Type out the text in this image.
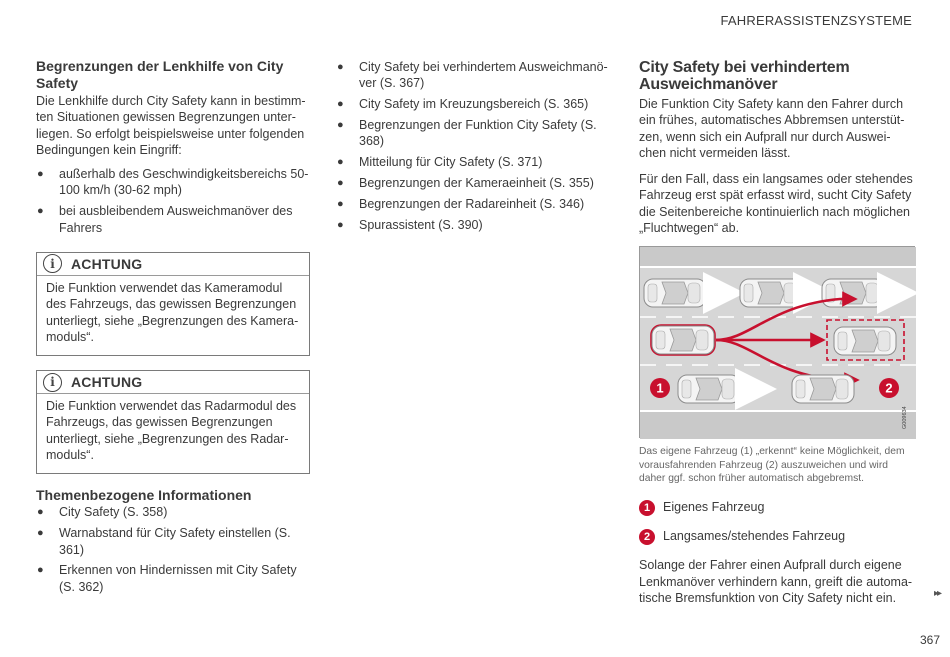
FAHRERASSISTENZSYSTEME
Begrenzungen der Lenkhilfe von City Safety

Die Lenkhilfe durch City Safety kann in bestimm-ten Situationen gewissen Begrenzungen unter-liegen. So erfolgt beispielsweise unter folgenden Bedingungen kein Eingriff:

● außerhalb des Geschwindigkeitsbereichs 50-100 km/h (30-62 mph)
● bei ausbleibendem Ausweichmanöver des Fahrers
i	ACHTUNG
Die Funktion verwendet das Kameramodul des Fahrzeugs, das gewissen Begrenzungen unterliegt, siehe „Begrenzungen des Kamera-moduls“.
i	ACHTUNG
Die Funktion verwendet das Radarmodul des Fahrzeugs, das gewissen Begrenzungen unterliegt, siehe „Begrenzungen des Radar-moduls“.
Themenbezogene Informationen
● City Safety (S. 358)
● Warnabstand für City Safety einstellen (S. 361)
● Erkennen von Hindernissen mit City Safety (S. 362)
● City Safety bei verhindertem Ausweichmanö-ver (S. 367)
● City Safety im Kreuzungsbereich (S. 365)
● Begrenzungen der Funktion City Safety (S. 368)
● Mitteilung für City Safety (S. 371)
● Begrenzungen der Kameraeinheit (S. 355)
● Begrenzungen der Radareinheit (S. 346)
● Spurassistent (S. 390)
City Safety bei verhindertem Ausweichmanöver

Die Funktion City Safety kann den Fahrer durch ein frühes, automatisches Abbremsen unterstüt-zen, wenn sich ein Aufprall nur durch Auswei-chen nicht vermeiden lässt.

Für den Fall, dass ein langsames oder stehendes Fahrzeug erst spät erfasst wird, sucht City Safety die Seitenbereiche kontinuierlich nach möglichen „Fluchtwegen“ ab.

1	2
G009634
Das eigene Fahrzeug (1) „erkennt“ keine Möglichkeit, dem vorausfahrenden Fahrzeug (2) auszuweichen und wird daher ggf. schon früher automatisch abgebremst.
1	Eigenes Fahrzeug
2	Langsames/stehendes Fahrzeug

Solange der Fahrer einen Aufprall durch eigene Lenkmanöver verhindern kann, greift die automa-tische Bremsfunktion von City Safety nicht ein.	▸▸
367
